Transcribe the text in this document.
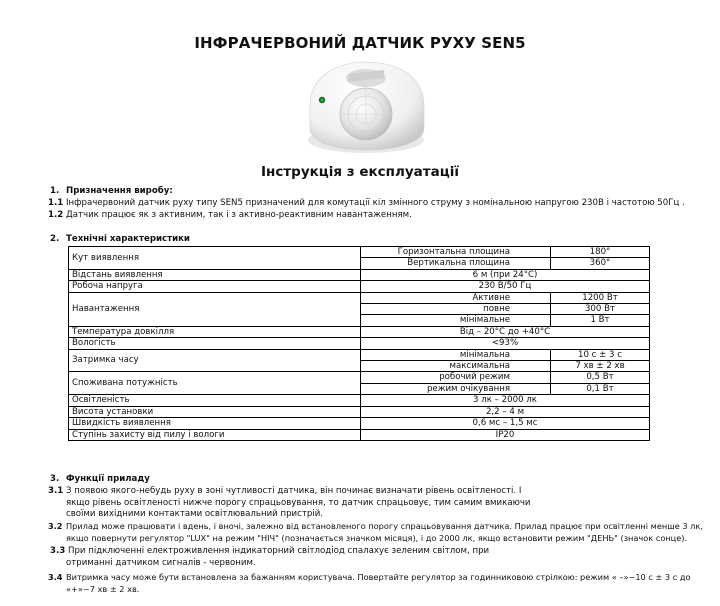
ІНФРАЧЕРВОНИЙ ДАТЧИК РУХУ SEN5
Інструкція з експлуатації
1. Призначення виробу:
1.1 Інфрачервоний датчик руху типу SEN5 призначений для комутації кіл змінного струму з номінальною напругою 230В і частотою 50Гц .
1.2 Датчик працює як з активним, так і з активно-реактивним навантаженням.
2. Технічні характеристики
Кут виявлення	Горизонтальна площина	180°
	Вертикальна площина	360°
Відстань виявлення	6 м (при 24°С)	
Робоча напруга	230 В/50 Гц	
Навантаження	Активне	1200 Вт
	повне	300 Вт
	мінімальне	1 Вт
Температура довкілля	Від – 20°С до +40°С	
Вологість	<93%	
Затримка часу	мінімальна	10 с ± 3 с
	максимальна	7 хв ± 2 хв
Споживана потужність	робочий режим	0,5 Вт
	режим очікування	0,1 Вт
Освітленість	3 лк – 2000 лк	
Висота установки	2,2 – 4 м	
Швидкість виявлення	0,6 мс – 1,5 мс	
Ступінь захисту від пилу і вологи	IP20	
3. Функції приладу
3.1 З появою якого-небудь руху в зоні чутливості датчика, він починає визначати рівень освітленості. І
якщо рівень освітленості нижче порогу спрацьовування, то датчик спрацьовує, тим самим вмикаючи
своїми вихідними контактами освітлювальний пристрій.
3.2 Прилад може працювати і вдень, і вночі, залежно від встановленого порогу спрацьовування датчика. Прилад працює при освітленні менше 3 лк,
якщо повернути регулятор "LUX" на режим "НІЧ" (позначається значком місяця), і до 2000 лк, якщо встановити режим "ДЕНЬ" (значок сонце).
3.3 При підключенні електроживлення індикаторний світлодіод спалахує зеленим світлом, при
отриманні датчиком сигналів - червоним.
3.4 Витримка часу може бути встановлена за бажанням користувача. Повертайте регулятор за годинниковою стрілкою: режим « –»~10 с ± 3 с до
«+»~7 хв ± 2 хв.
